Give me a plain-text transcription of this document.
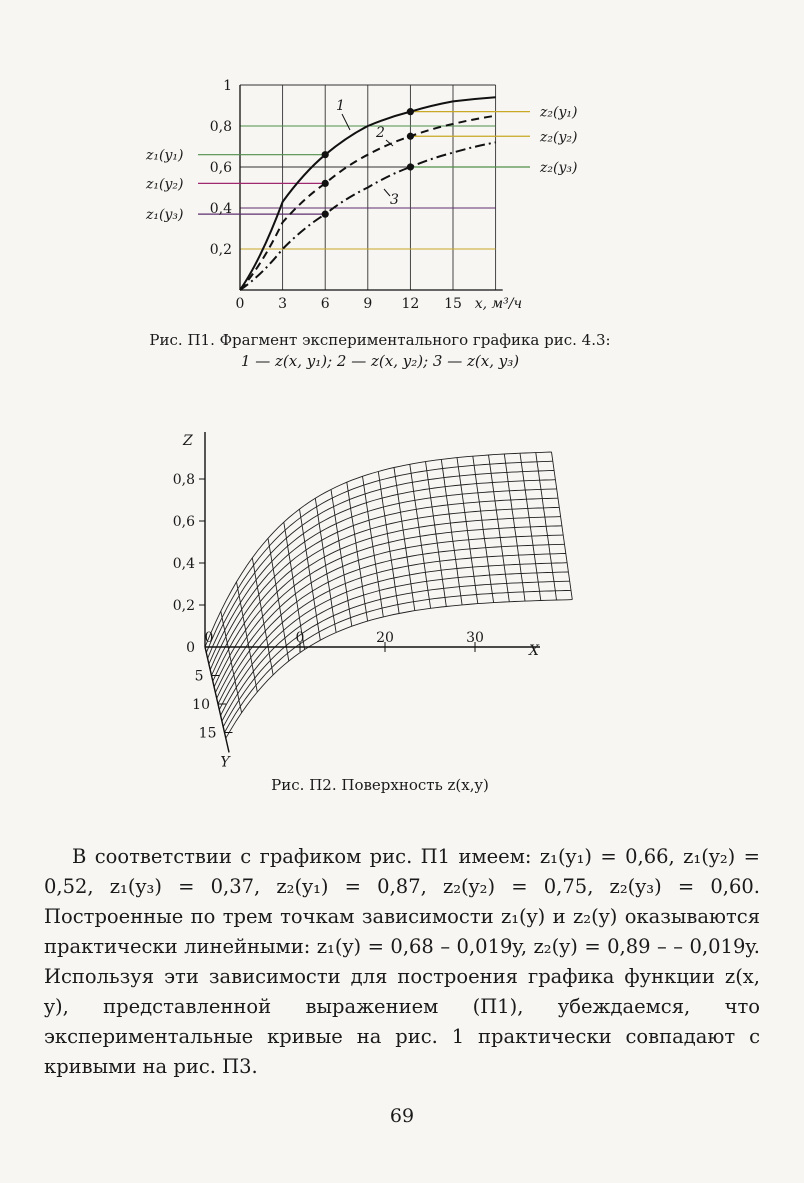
0,2
0,4
0,6
0,8
1
0 3 6 9 12 15 x, м³/ч
z₁(y₁)
z₁(y₂)
z₁(y₃)
z₂(y₁)
z₂(y₂)
z₂(y₃)
1
2
3
Рис. П1. Фрагмент экспериментального графика рис. 4.3:
1 — z(x, y₁); 2 — z(x, y₂); 3 — z(x, y₃)
0,2
0,4
0,6
0,8
0
Z
0	0	20	30
X
5
10
15
Y
Рис. П2. Поверхность z(x,y)

В соответствии с графиком рис. П1 имеем: z₁(y₁) = 0,66, z₁(y₂) = 0,52, z₁(y₃) = 0,37, z₂(y₁) = 0,87, z₂(y₂) = 0,75, z₂(y₃) = 0,60. Построенные по трем точкам зависимости z₁(y) и z₂(y) оказываются практически линейными: z₁(y) = 0,68 – 0,019y, z₂(y) = 0,89 – – 0,019y. Используя эти зависимости для построения графика функции z(x, y), представленной выражением (П1), убеждаемся, что экспериментальные кривые на рис. 1 практически совпадают с кривыми на рис. П3.

69
